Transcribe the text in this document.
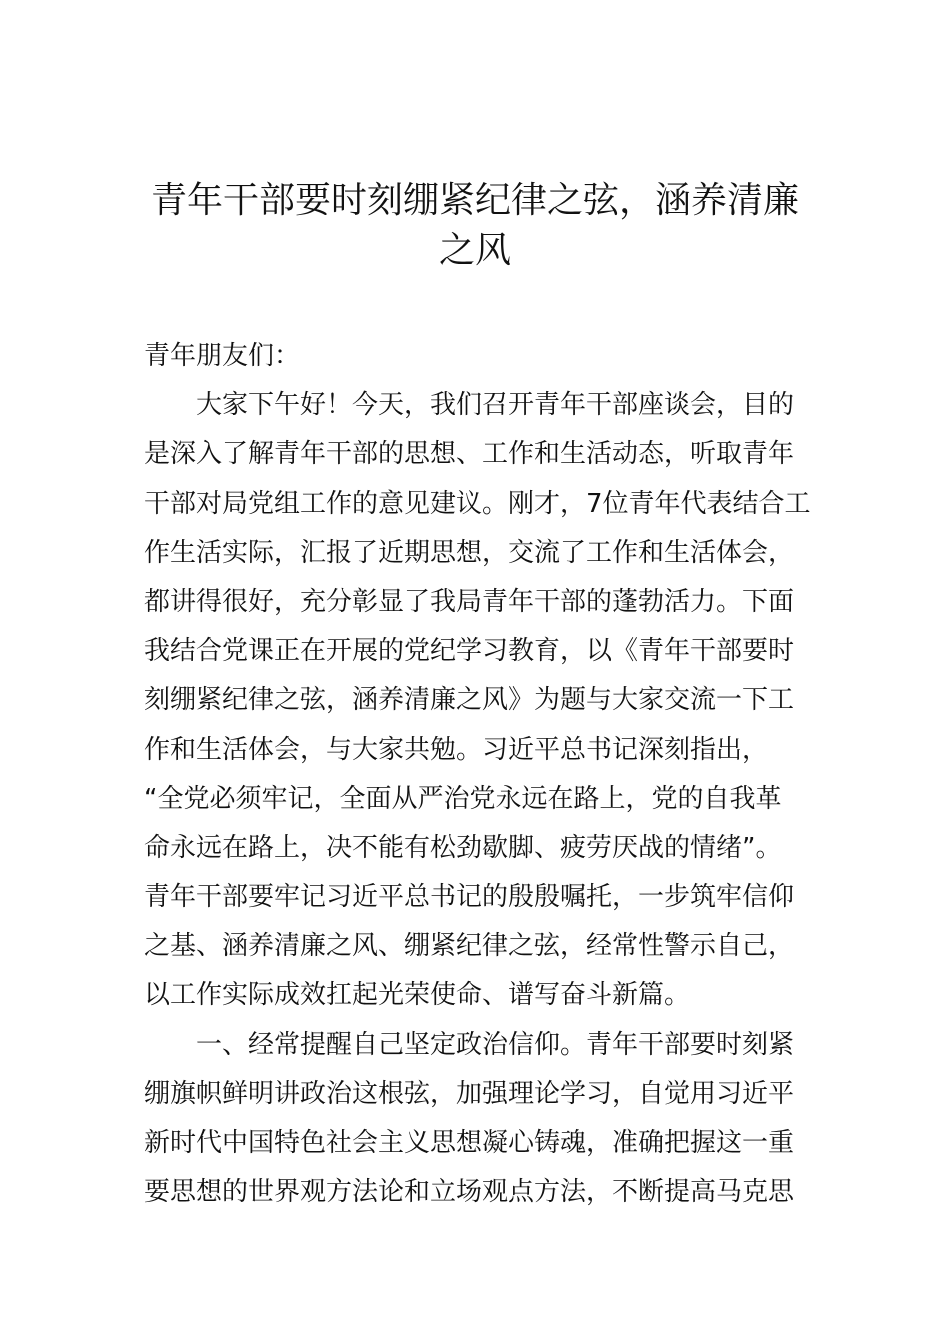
青年干部要时刻绷紧纪律之弦，涵养清廉
之风
青年朋友们：
大家下午好！今天，我们召开青年干部座谈会，目的
是深入了解青年干部的思想、工作和生活动态，听取青年
干部对局党组工作的意见建议。刚才，7位青年代表结合工
作生活实际，汇报了近期思想，交流了工作和生活体会，
都讲得很好，充分彰显了我局青年干部的蓬勃活力。下面
我结合党课正在开展的党纪学习教育，以《青年干部要时
刻绷紧纪律之弦，涵养清廉之风》为题与大家交流一下工
作和生活体会，与大家共勉。习近平总书记深刻指出，
“全党必须牢记，全面从严治党永远在路上，党的自我革
命永远在路上，决不能有松劲歇脚、疲劳厌战的情绪”。
青年干部要牢记习近平总书记的殷殷嘱托，一步筑牢信仰
之基、涵养清廉之风、绷紧纪律之弦，经常性警示自己，
以工作实际成效扛起光荣使命、谱写奋斗新篇。
一、经常提醒自己坚定政治信仰。青年干部要时刻紧
绷旗帜鲜明讲政治这根弦，加强理论学习，自觉用习近平
新时代中国特色社会主义思想凝心铸魂，准确把握这一重
要思想的世界观方法论和立场观点方法，不断提高马克思
